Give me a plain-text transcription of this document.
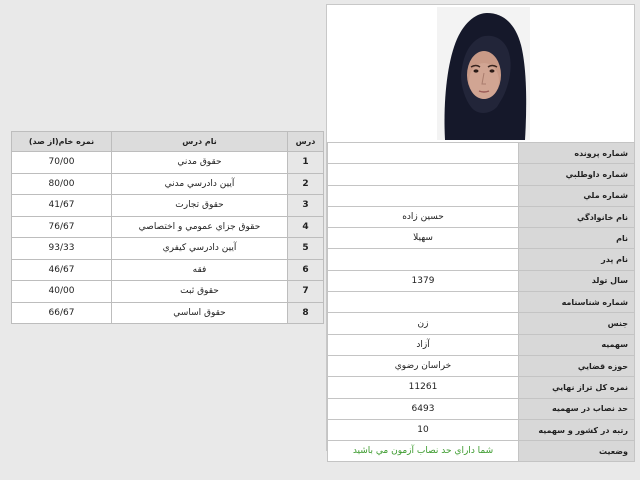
نمره خام(از صد)	نام درس	درس
70/00	حقوق مدني	1
80/00	آيين دادرسي مدني	2
41/67	حقوق تجارت	3
76/67	حقوق جزاي عمومي و اختصاصي	4
93/33	آيين دادرسي كيفري	5
46/67	فقه	6
40/00	حقوق ثبت	7
66/67	حقوق اساسي	8
	شماره پرونده
	شماره داوطلبي
	شماره ملي
حسين زاده	نام خانوادگي
سهيلا	نام
	نام پدر
1379	سال تولد
	شماره شناسنامه
زن	جنس
آزاد	سهميه
خراسان رضوي	حوزه قضايي
11261	نمره كل تراز نهايي
6493	حد نصاب در سهميه
10	رتبه در كشور و سهميه
شما داراي حد نصاب آزمون مي باشيد	وضعيت
